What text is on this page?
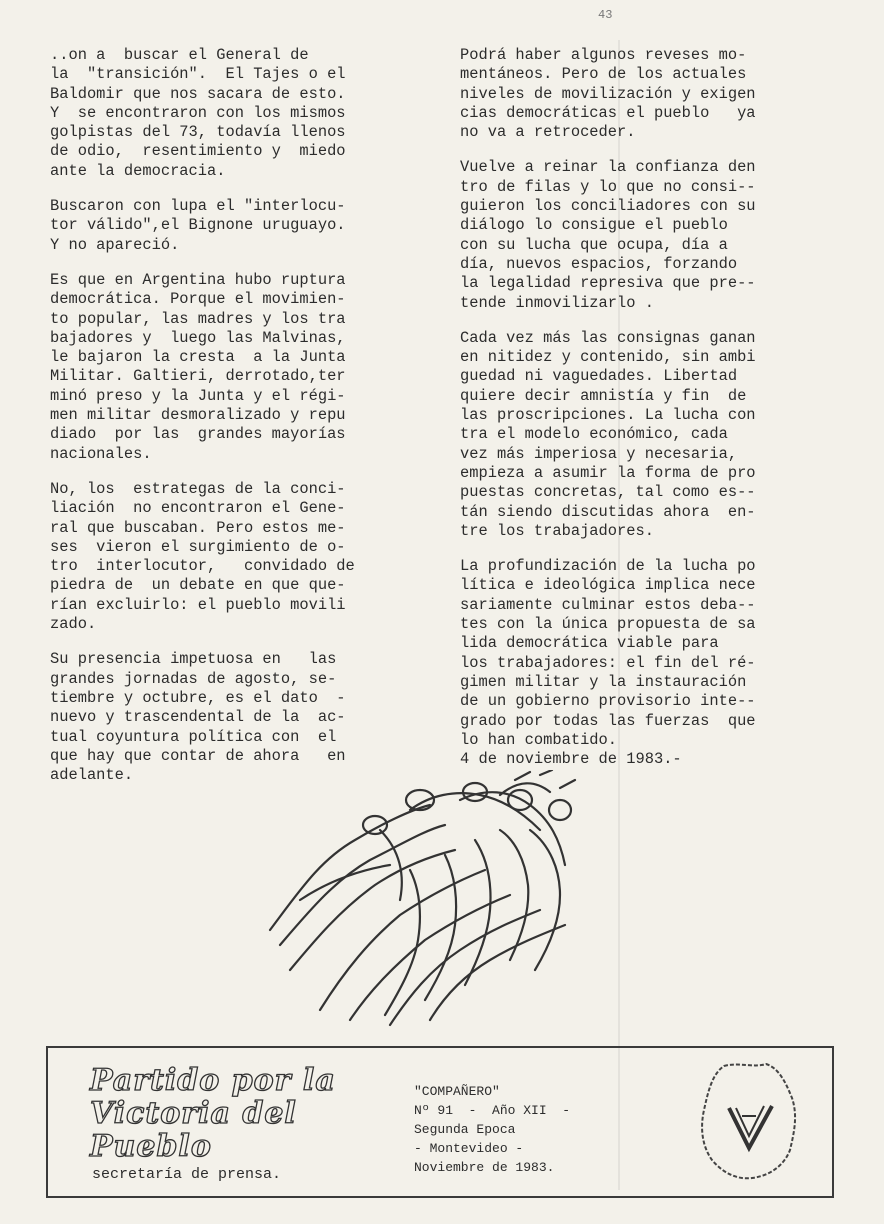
43

..on a  buscar el General de
la  "transición".  El Tajes o el
Baldomir que nos sacara de esto.
Y  se encontraron con los mismos
golpistas del 73, todavía llenos
de odio,  resentimiento y  miedo
ante la democracia.

Buscaron con lupa el "interlocu-
tor válido",el Bignone uruguayo.
Y no apareció.

Es que en Argentina hubo ruptura
democrática. Porque el movimien-
to popular, las madres y los tra
bajadores y  luego las Malvinas,
le bajaron la cresta  a la Junta
Militar. Galtieri, derrotado,ter
minó preso y la Junta y el régi-
men militar desmoralizado y repu
diado  por las  grandes mayorías
nacionales.

No, los  estrategas de la conci-
liación  no encontraron el Gene-
ral que buscaban. Pero estos me-
ses  vieron el surgimiento de o-
tro  interlocutor,   convidado de
piedra de  un debate en que que-
rían excluirlo: el pueblo movili
zado.

Su presencia impetuosa en   las
grandes jornadas de agosto, se-
tiembre y octubre, es el dato  -
nuevo y trascendental de la  ac-
tual coyuntura política con  el
que hay que contar de ahora   en
adelante.

Podrá haber algunos reveses mo-
mentáneos. Pero de los actuales
niveles de movilización y exigen
cias democráticas el pueblo   ya
no va a retroceder.

Vuelve a reinar la confianza den
tro de filas y lo que no consi--
guieron los conciliadores con su
diálogo lo consigue el pueblo
con su lucha que ocupa, día a
día, nuevos espacios, forzando
la legalidad represiva que pre--
tende inmovilizarlo .

Cada vez más las consignas ganan
en nitidez y contenido, sin ambi
guedad ni vaguedades. Libertad
quiere decir amnistía y fin  de
las proscripciones. La lucha con
tra el modelo económico, cada
vez más imperiosa y necesaria,
empieza a asumir la forma de pro
puestas concretas, tal como es--
tán siendo discutidas ahora  en-
tre los trabajadores.

La profundización de la lucha po
lítica e ideológica implica nece
sariamente culminar estos deba--
tes con la única propuesta de sa
lida democrática viable para
los trabajadores: el fin del ré-
gimen militar y la instauración
de un gobierno provisorio inte--
grado por todas las fuerzas  que
lo han combatido.
4 de noviembre de 1983.-

Partido por la
Victoria del
Pueblo
secretaría de prensa.
"COMPAÑERO"
Nº 91  -  Año XII  -
Segunda Epoca
- Montevideo -
Noviembre de 1983.
